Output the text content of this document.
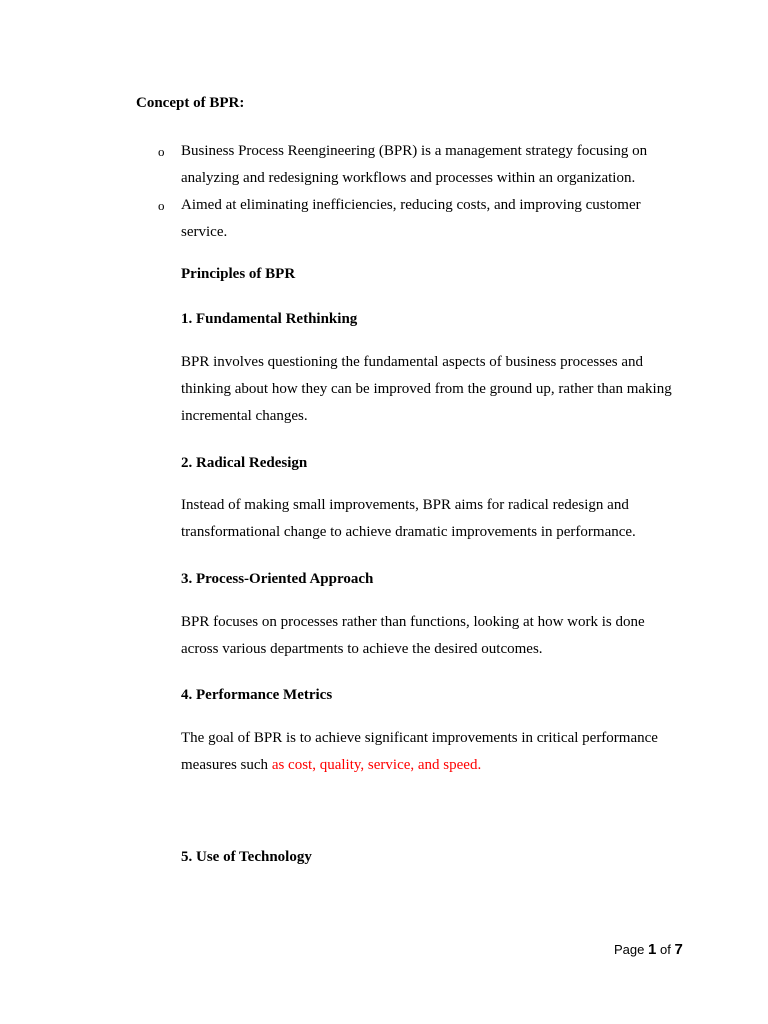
Concept of BPR:
o Business Process Reengineering (BPR) is a management strategy focusing on analyzing and redesigning workflows and processes within an organization.
o Aimed at eliminating inefficiencies, reducing costs, and improving customer service.
Principles of BPR
1. Fundamental Rethinking

BPR involves questioning the fundamental aspects of business processes and thinking about how they can be improved from the ground up, rather than making incremental changes.

2. Radical Redesign

Instead of making small improvements, BPR aims for radical redesign and transformational change to achieve dramatic improvements in performance.

3. Process-Oriented Approach

BPR focuses on processes rather than functions, looking at how work is done across various departments to achieve the desired outcomes.

4. Performance Metrics

The goal of BPR is to achieve significant improvements in critical performance measures such as cost, quality, service, and speed.

5. Use of Technology
Page 1 of 7
